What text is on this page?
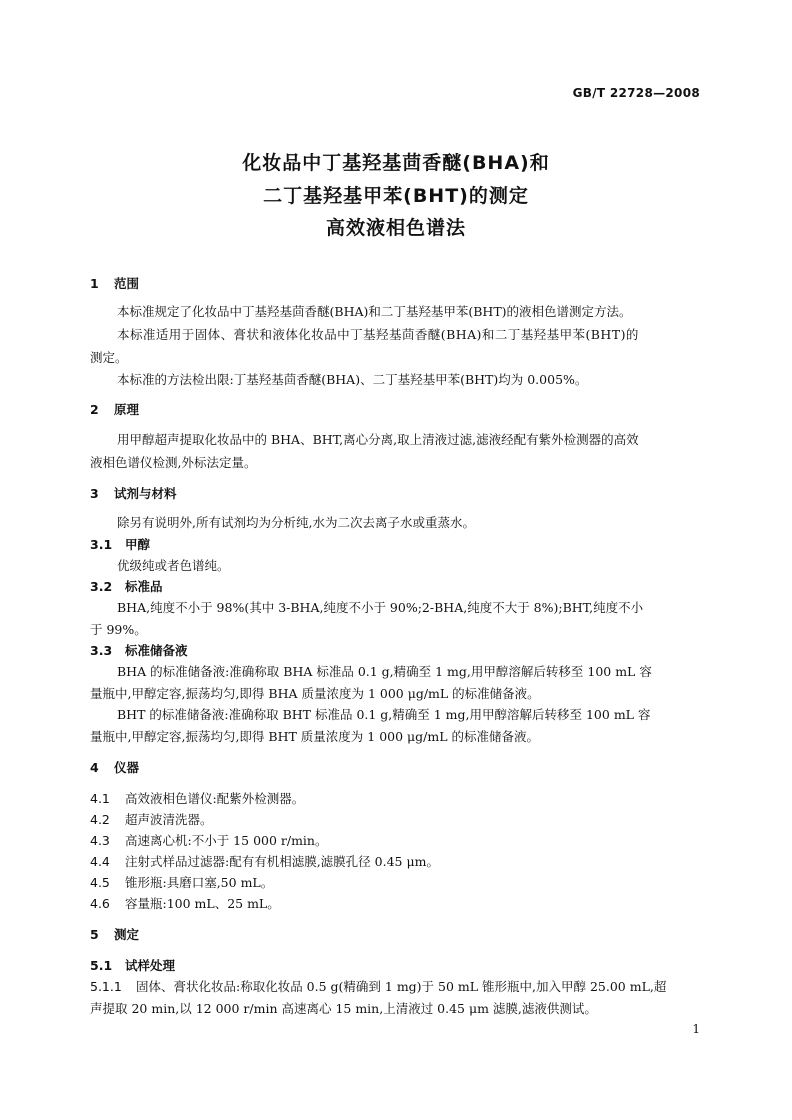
GB/T 22728—2008
化妆品中丁基羟基茴香醚(BHA)和
二丁基羟基甲苯(BHT)的测定
高效液相色谱法
1 范围
本标准规定了化妆品中丁基羟基茴香醚(BHA)和二丁基羟基甲苯(BHT)的液相色谱测定方法。
本标准适用于固体、膏状和液体化妆品中丁基羟基茴香醚(BHA)和二丁基羟基甲苯(BHT)的
测定。
本标准的方法检出限:丁基羟基茴香醚(BHA)、二丁基羟基甲苯(BHT)均为 0.005%。
2 原理
用甲醇超声提取化妆品中的 BHA、BHT,离心分离,取上清液过滤,滤液经配有紫外检测器的高效
液相色谱仪检测,外标法定量。
3 试剂与材料
除另有说明外,所有试剂均为分析纯,水为二次去离子水或重蒸水。
3.1 甲醇
优级纯或者色谱纯。
3.2 标准品
BHA,纯度不小于 98%(其中 3-BHA,纯度不小于 90%;2-BHA,纯度不大于 8%);BHT,纯度不小
于 99%。
3.3 标准储备液
BHA 的标准储备液:准确称取 BHA 标准品 0.1 g,精确至 1 mg,用甲醇溶解后转移至 100 mL 容
量瓶中,甲醇定容,振荡均匀,即得 BHA 质量浓度为 1 000 μg/mL 的标准储备液。
BHT 的标准储备液:准确称取 BHT 标准品 0.1 g,精确至 1 mg,用甲醇溶解后转移至 100 mL 容
量瓶中,甲醇定容,振荡均匀,即得 BHT 质量浓度为 1 000 μg/mL 的标准储备液。
4 仪器
4.1 高效液相色谱仪:配紫外检测器。
4.2 超声波清洗器。
4.3 高速离心机:不小于 15 000 r/min。
4.4 注射式样品过滤器:配有有机相滤膜,滤膜孔径 0.45 μm。
4.5 锥形瓶:具磨口塞,50 mL。
4.6 容量瓶:100 mL、25 mL。
5 测定
5.1 试样处理
5.1.1 固体、膏状化妆品:称取化妆品 0.5 g(精确到 1 mg)于 50 mL 锥形瓶中,加入甲醇 25.00 mL,超
声提取 20 min,以 12 000 r/min 高速离心 15 min,上清液过 0.45 μm 滤膜,滤液供测试。
1
